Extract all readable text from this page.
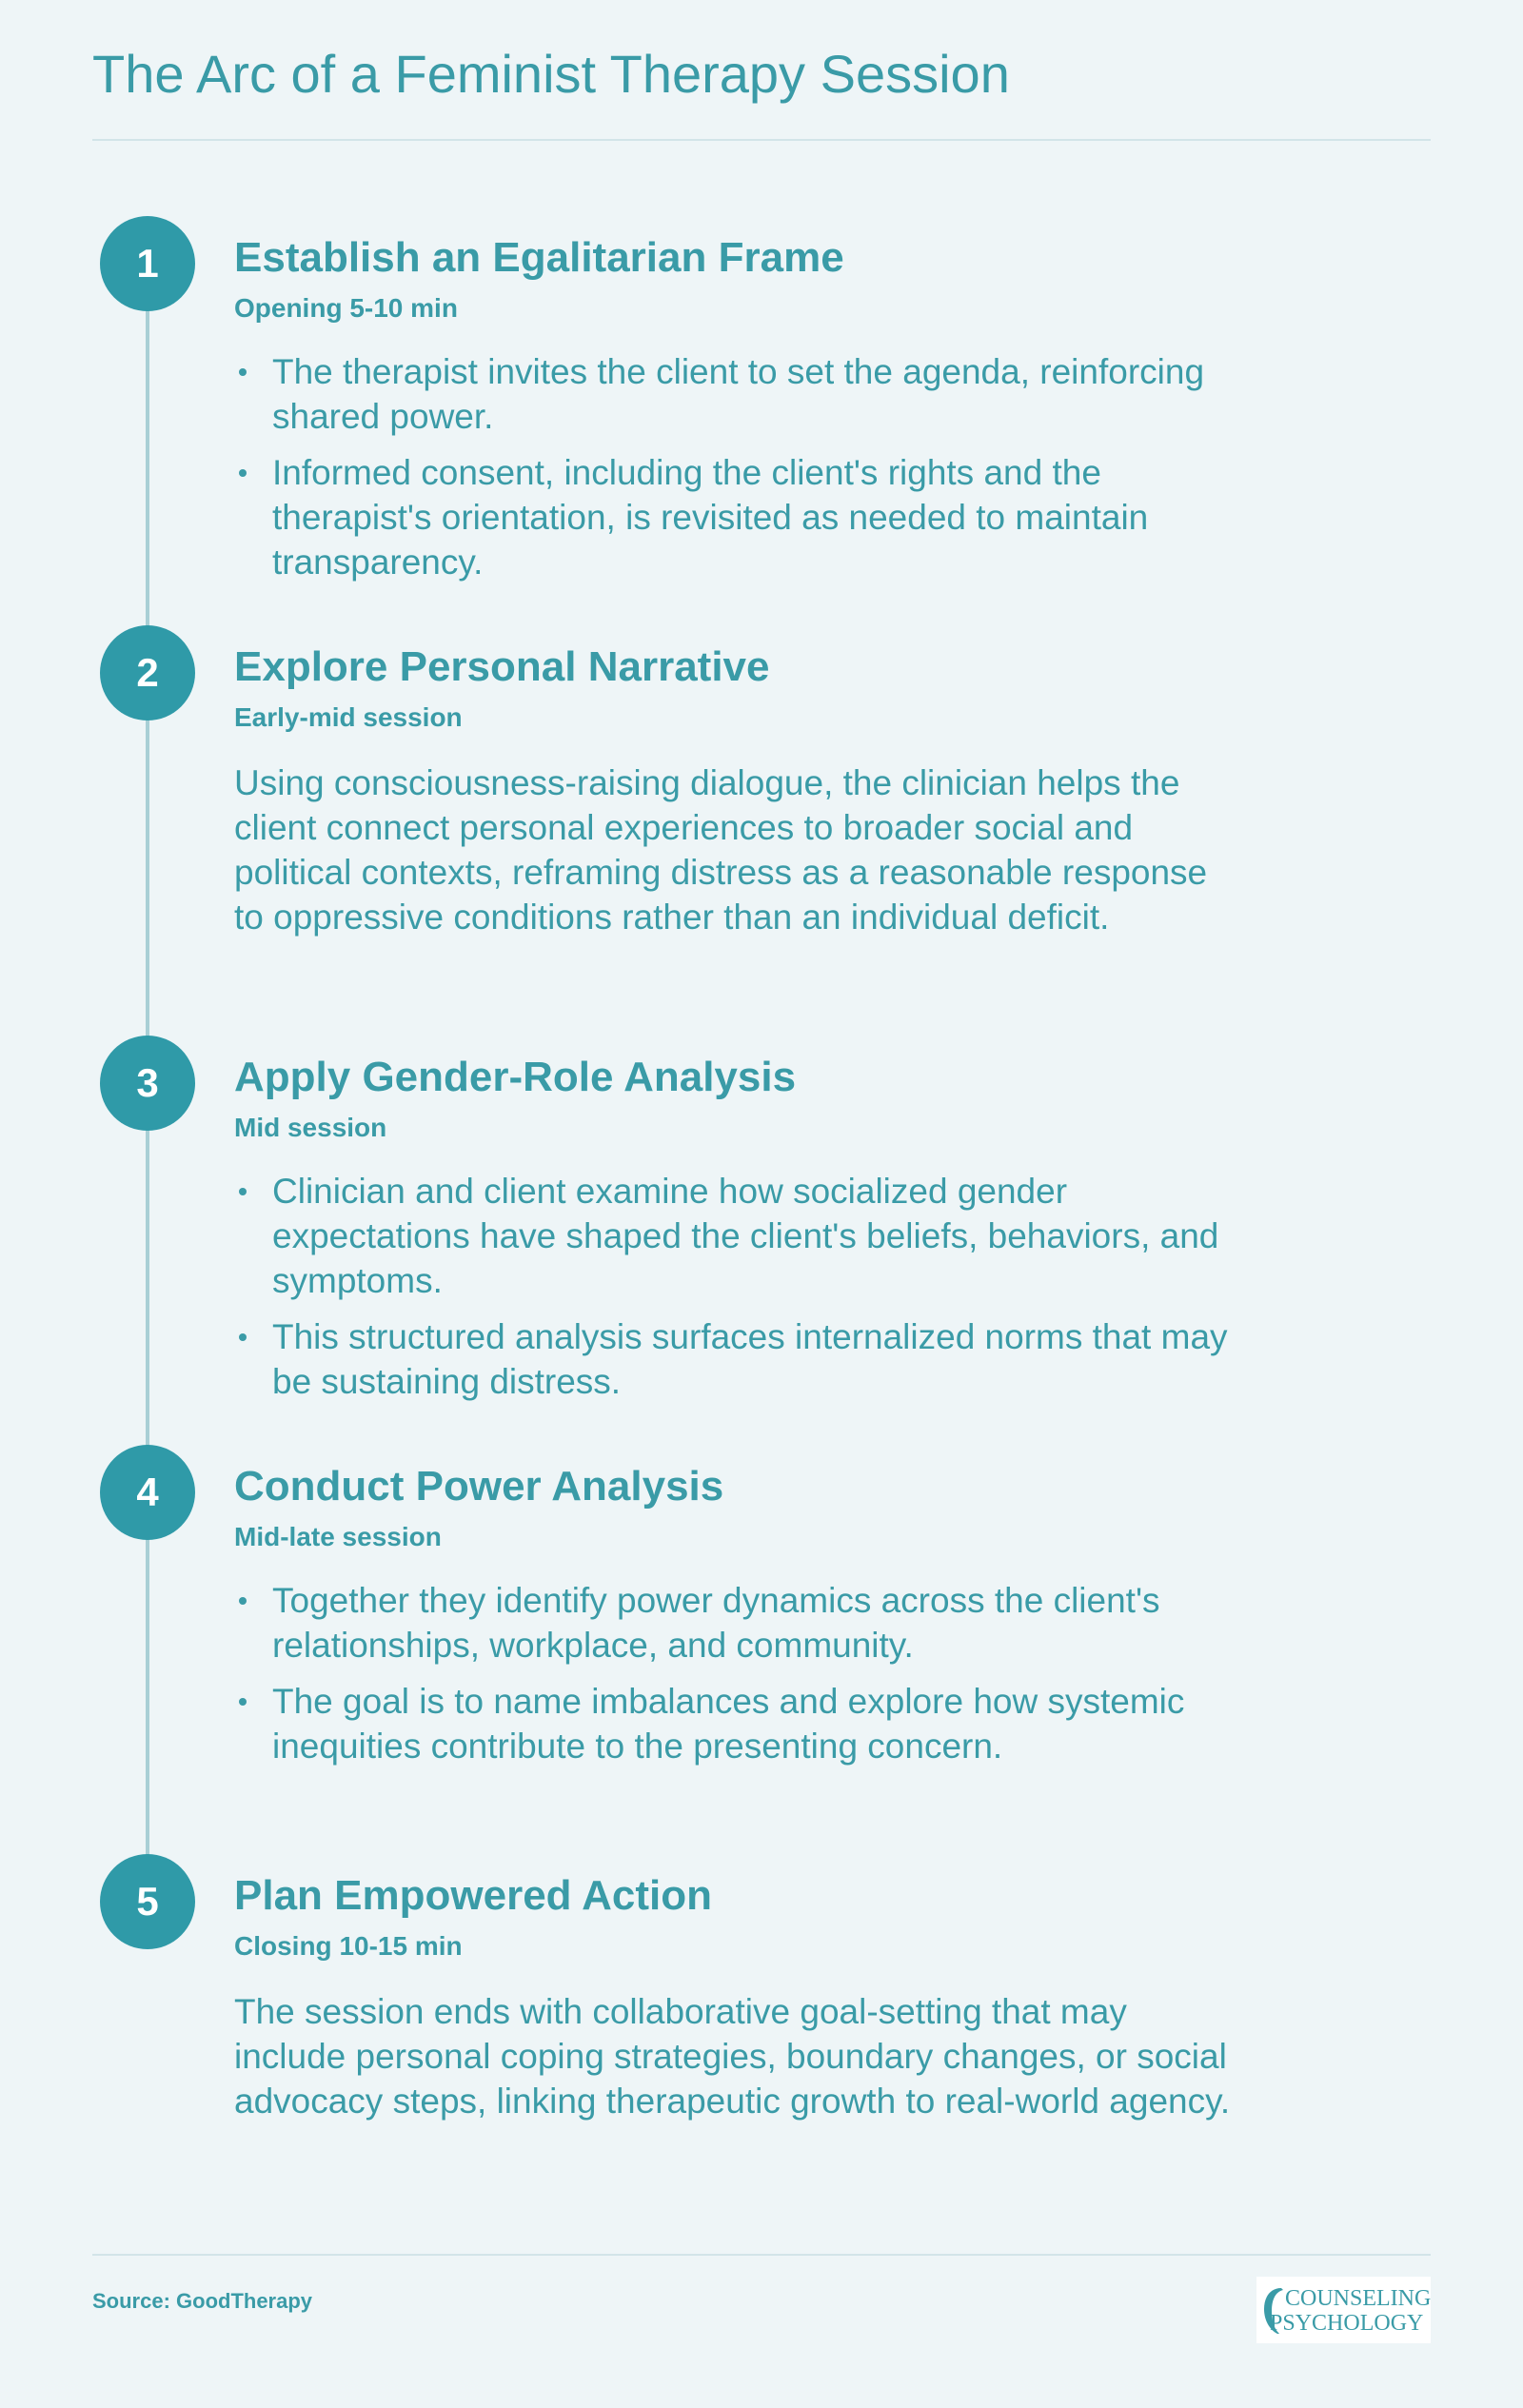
The Arc of a Feminist Therapy Session
1	Establish an Egalitarian Frame
Opening 5-10 min
The therapist invites the client to set the agenda, reinforcing shared power.
Informed consent, including the client's rights and the therapist's orientation, is revisited as needed to maintain transparency.
2	Explore Personal Narrative
Early-mid session
Using consciousness-raising dialogue, the clinician helps the client connect personal experiences to broader social and political contexts, reframing distress as a reasonable response to oppressive conditions rather than an individual deficit.
3	Apply Gender-Role Analysis
Mid session
Clinician and client examine how socialized gender expectations have shaped the client's beliefs, behaviors, and symptoms.
This structured analysis surfaces internalized norms that may be sustaining distress.
4	Conduct Power Analysis
Mid-late session
Together they identify power dynamics across the client's relationships, workplace, and community.
The goal is to name imbalances and explore how systemic inequities contribute to the presenting concern.
5	Plan Empowered Action
Closing 10-15 min
The session ends with collaborative goal-setting that may include personal coping strategies, boundary changes, or social advocacy steps, linking therapeutic growth to real-world agency.
Source: GoodTherapy	COUNSELING
PSYCHOLOGY
